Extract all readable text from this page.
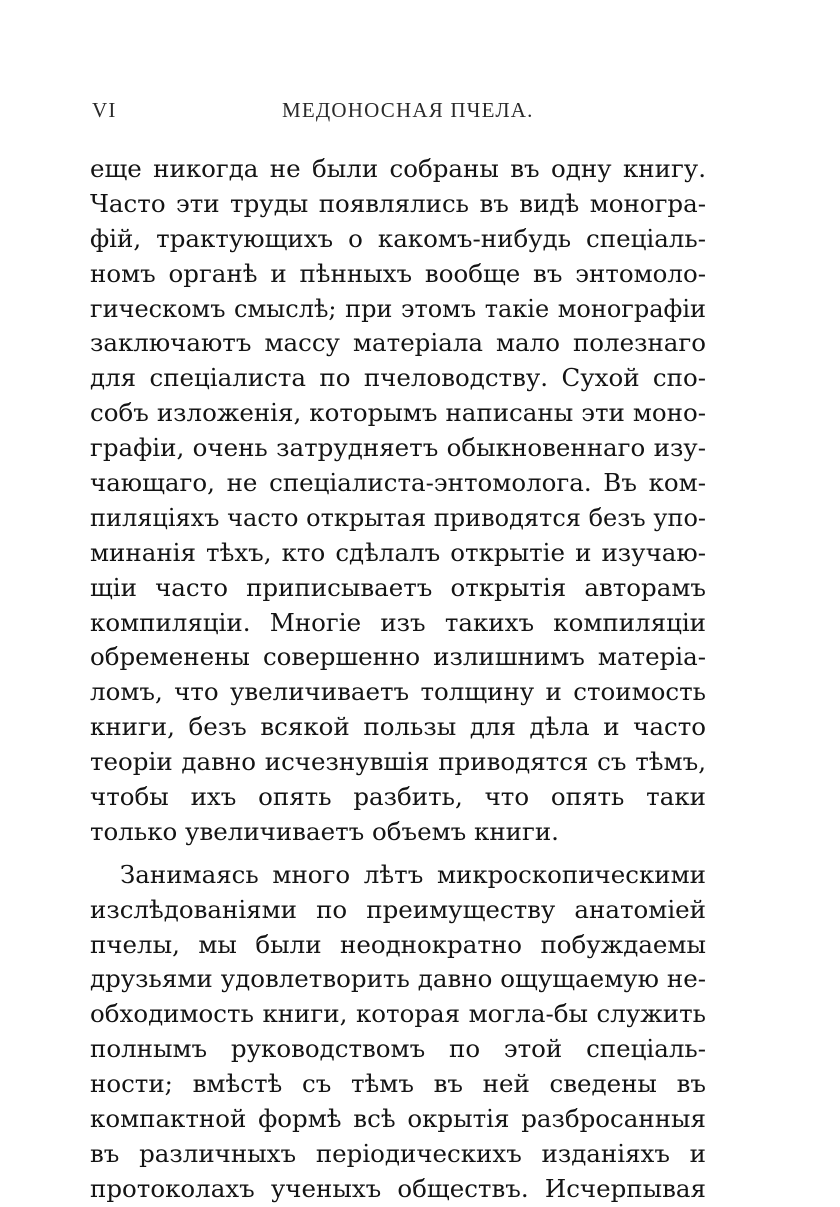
VI	МЕДОНОСНАЯ ПЧЕЛА.
еще никогда не были собраны въ одну книгу.
Часто эти труды появлялись въ видѣ моногра-
фій, трактующихъ о какомъ-нибудь спеціаль-
номъ органѣ и пѣнныхъ вообще въ энтомоло-
гическомъ смыслѣ; при этомъ такіе монографіи
заключаютъ массу матеріала мало полезнаго
для спеціалиста по пчеловодству. Сухой спо-
собъ изложенія, которымъ написаны эти моно-
графіи, очень затрудняетъ обыкновеннаго изу-
чающаго, не спеціалиста-энтомолога. Въ ком-
пиляціяхъ часто открытая приводятся безъ упо-
минанія тѣхъ, кто сдѣлалъ открытіе и изучаю-
щіи часто приписываетъ открытія авторамъ
компиляціи. Многіе изъ такихъ компиляціи
обременены совершенно излишнимъ матеріа-
ломъ, что увеличиваетъ толщину и стоимость
книги, безъ всякой пользы для дѣла и часто
теоріи давно исчезнувшія приводятся съ тѣмъ,
чтобы ихъ опять разбить, что опять таки
только увеличиваетъ объемъ книги.
Занимаясь много лѣтъ микроскопическими
изслѣдованіями по преимуществу анатоміей
пчелы, мы были неоднократно побуждаемы
друзьями удовлетворить давно ощущаемую не-
обходимость книги, которая могла-бы служить
полнымъ руководствомъ по этой спеціаль-
ности; вмѣстѣ съ тѣмъ въ ней сведены въ
компактной формѣ всѣ окрытія разбросанныя
въ различныхъ періодическихъ изданіяхъ и
протоколахъ ученыхъ обществъ. Исчерпывая
